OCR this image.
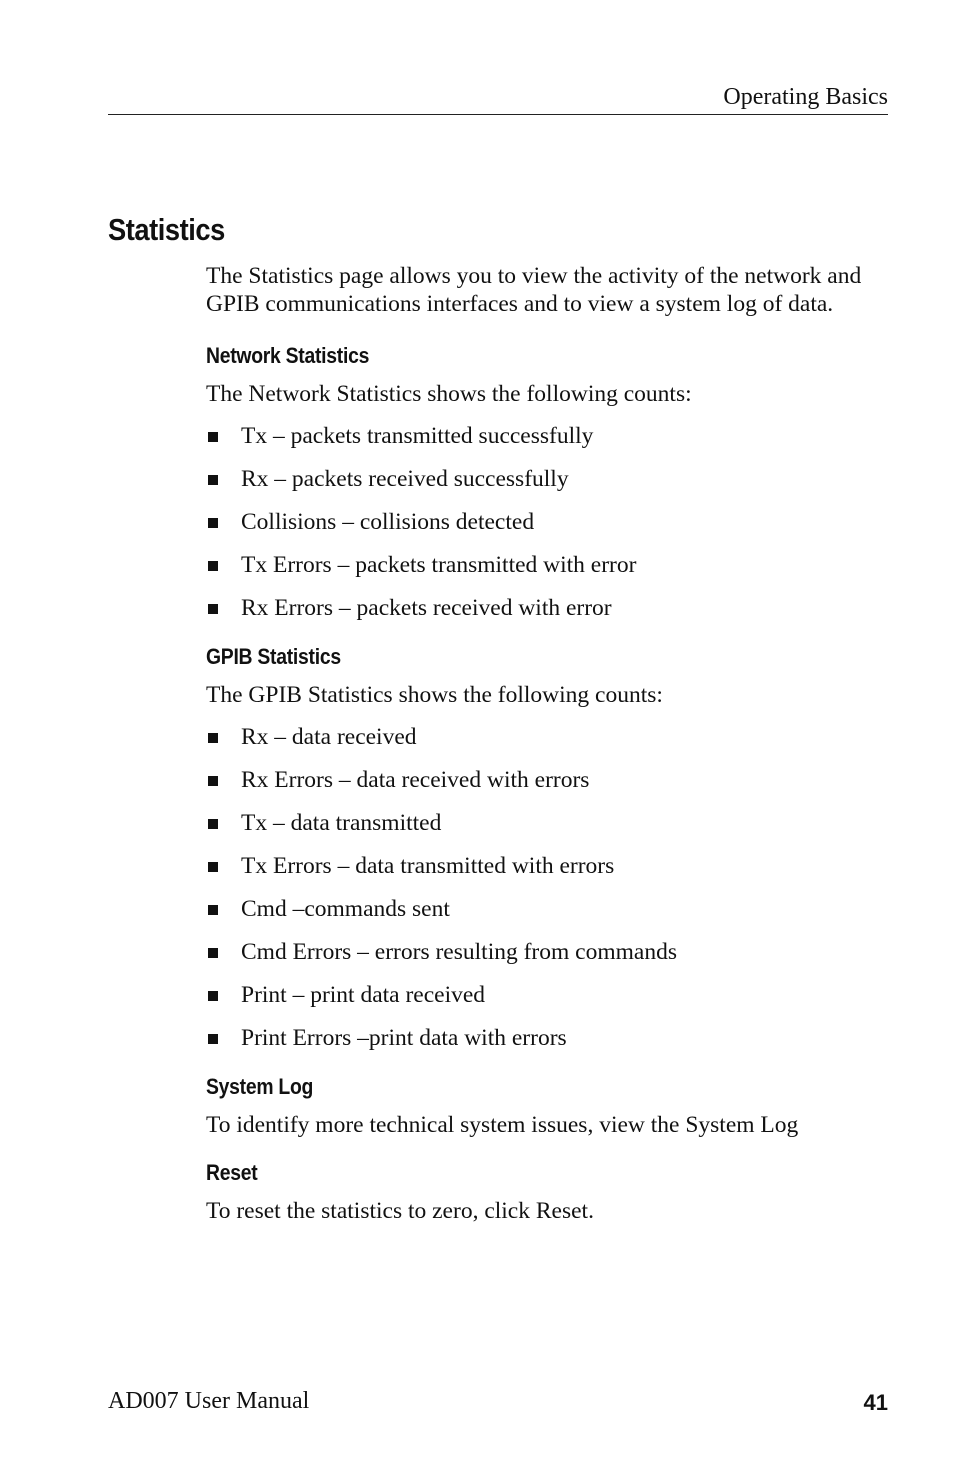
Operating Basics
Statistics

The Statistics page allows you to view the activity of the network and GPIB communications interfaces and to view a system log of data.

Network Statistics

The Network Statistics shows the following counts:

Tx – packets transmitted successfully
Rx – packets received successfully
Collisions – collisions detected
Tx Errors – packets transmitted with error
Rx Errors – packets received with error
GPIB Statistics

The GPIB Statistics shows the following counts:

Rx – data received
Rx Errors – data received with errors
Tx – data transmitted
Tx Errors – data transmitted with errors
Cmd –commands sent
Cmd Errors – errors resulting from commands
Print – print data received
Print Errors –print data with errors
System Log

To identify more technical system issues, view the System Log

Reset

To reset the statistics to zero, click Reset.

AD007 User Manual	41
